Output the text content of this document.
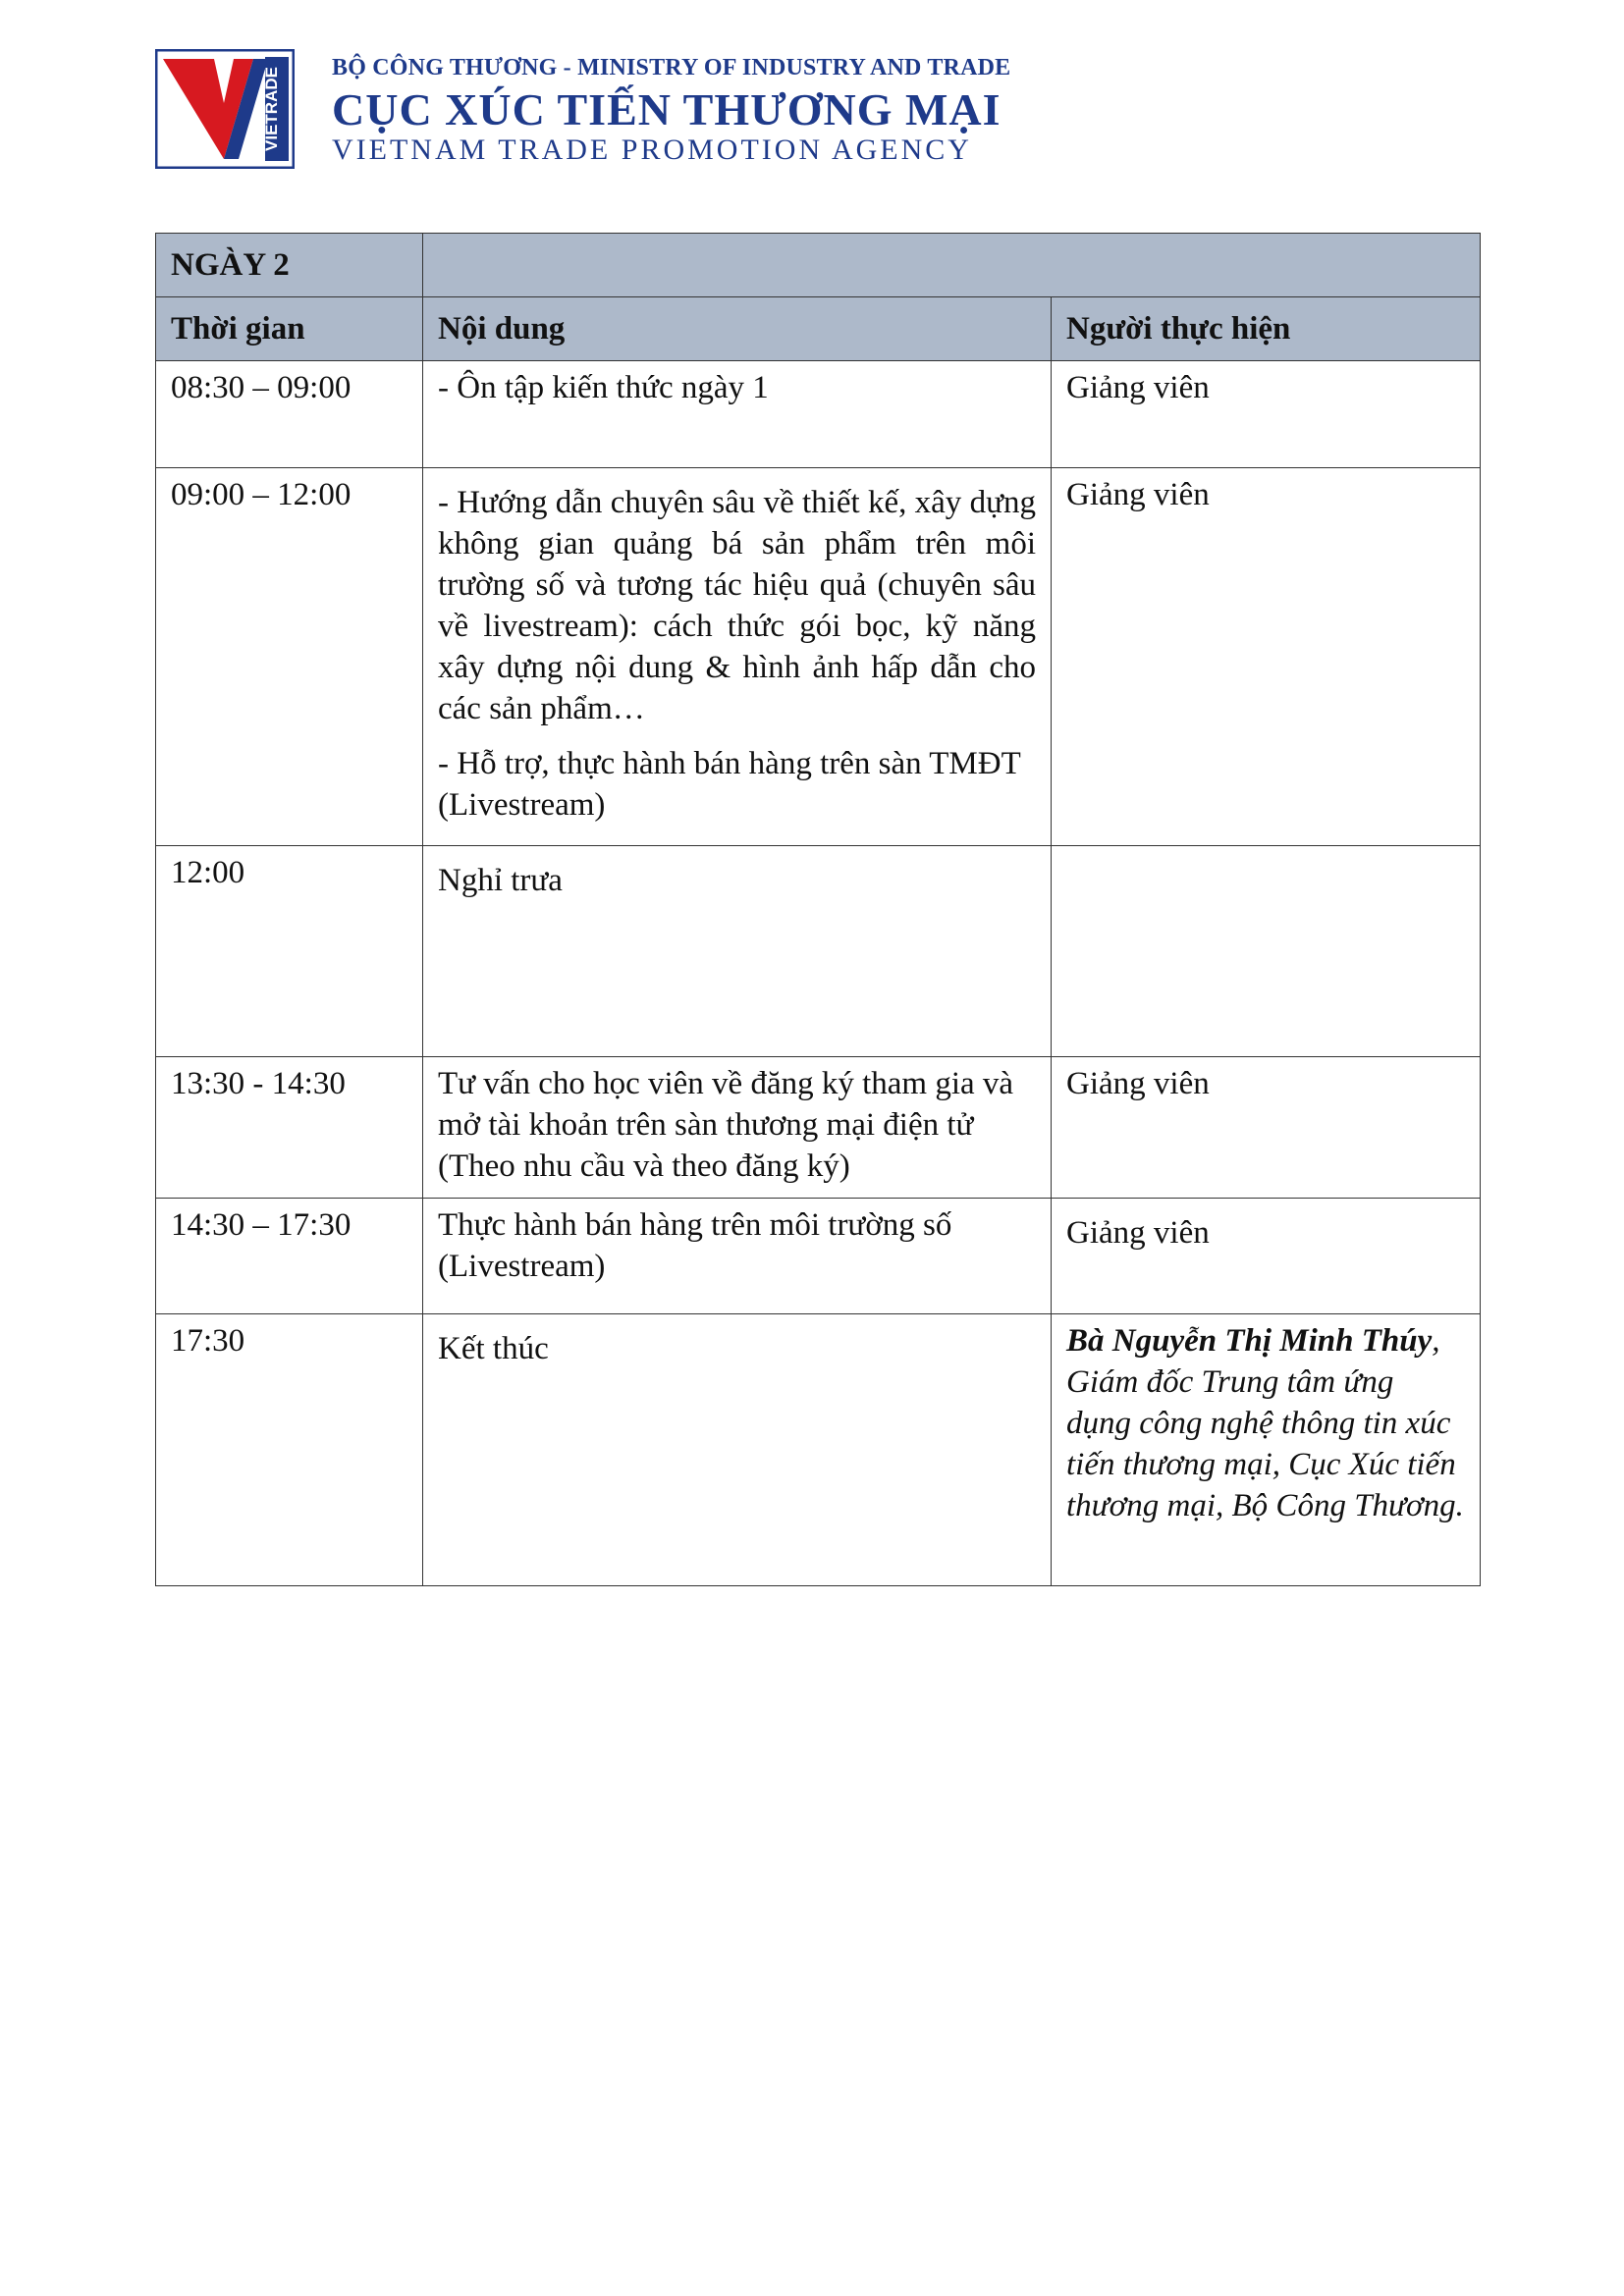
VIETRADE BỘ CÔNG THƯƠNG - MINISTRY OF INDUSTRY AND TRADE
CỤC XÚC TIẾN THƯƠNG MẠI
VIETNAM TRADE PROMOTION AGENCY
NGÀY 2		
Thời gian	Nội dung	Người thực hiện
08:30 – 09:00	- Ôn tập kiến thức ngày 1	Giảng viên
09:00 – 12:00	- Hướng dẫn chuyên sâu về thiết kế, xây dựng không gian quảng bá sản phẩm trên môi trường số và tương tác hiệu quả (chuyên sâu về livestream): cách thức gói bọc, kỹ năng xây dựng nội dung & hình ảnh hấp dẫn cho các sản phẩm…

- Hỗ trợ, thực hành bán hàng trên sàn TMĐT (Livestream)	Giảng viên
12:00	Nghỉ trưa	

13:30 - 14:30	Tư vấn cho học viên về đăng ký tham gia và mở tài khoản trên sàn thương mại điện tử (Theo nhu cầu và theo đăng ký)	Giảng viên
14:30 – 17:30	Thực hành bán hàng trên môi trường số (Livestream)	Giảng viên
17:30	Kết thúc	Bà Nguyễn Thị Minh Thúy, Giám đốc Trung tâm ứng dụng công nghệ thông tin xúc tiến thương mại, Cục Xúc tiến thương mại, Bộ Công Thương.
